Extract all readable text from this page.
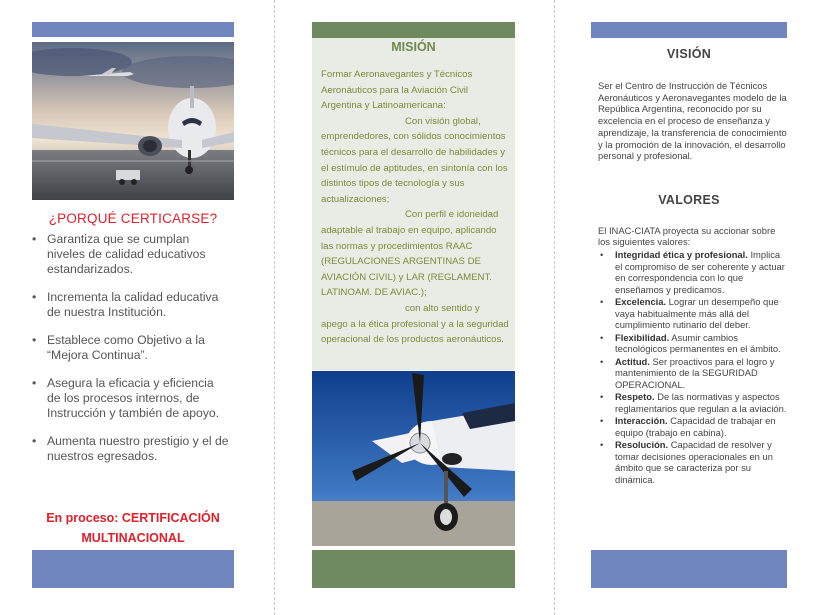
¿PORQUÉ CERTICARSE?
• Garantiza que se cumplan niveles de calidad educativos estandarizados.
• Incrementa la calidad educativa de nuestra Institución.
• Establece como Objetivo a la “Mejora Continua”.
• Asegura la eficacia y eficiencia de los procesos internos, de Instrucción y también de apoyo.
• Aumenta nuestro prestigio y el de nuestros egresados.
En proceso: CERTIFICACIÓN
MULTINACIONAL
MISIÓN

Formar Aeronavegantes y Técnicos Aeronáuticos para la Aviación Civil Argentina y Latinoamericana:

Con visión global,

emprendedores, con sólidos conocimientos técnicos para el desarrollo de habilidades y el estímulo de aptitudes, en sintonía con los distintos tipos de tecnología y sus actualizaciones;

Con perfil e idoneidad

adaptable al trabajo en equipo, aplicando las normas y procedimientos RAAC (REGULACIONES ARGENTINAS DE AVIACIÓN CIVIL) y LAR (REGLAMENT. LATINOAM. DE AVIAC.);

con alto sentido y

apego a la ética profesional y a la seguridad operacional de los productos aeronáuticos.

VISIÓN
Ser el Centro de Instrucción de Técnicos Aeronáuticos y Aeronavegantes modelo de la República Argentina, reconocido por su excelencia en el proceso de enseñanza y aprendizaje, la transferencia de conocimiento y la promoción de la innovación, el desarrollo personal y profesional.
VALORES
El INAC-CIATA proyecta su accionar sobre los siguientes valores:
• Integridad ética y profesional. Implica el compromiso de ser coherente y actuar en correspondencia con lo que enseñamos y predicamos.
• Excelencia. Lograr un desempeño que vaya habitualmente más allá del cumplimiento rutinario del deber.
• Flexibilidad. Asumir cambios tecnológicos permanentes en el ámbito.
• Actitud. Ser proactivos para el logro y mantenimiento de la SEGURIDAD OPERACIONAL.
• Respeto. De las normativas y aspectos reglamentarios que regulan a la aviación.
• Interacción. Capacidad de trabajar en equipo (trabajo en cabina).
• Resolución. Capacidad de resolver y tomar decisiones operacionales en un ámbito que se caracteriza por su dinámica.
